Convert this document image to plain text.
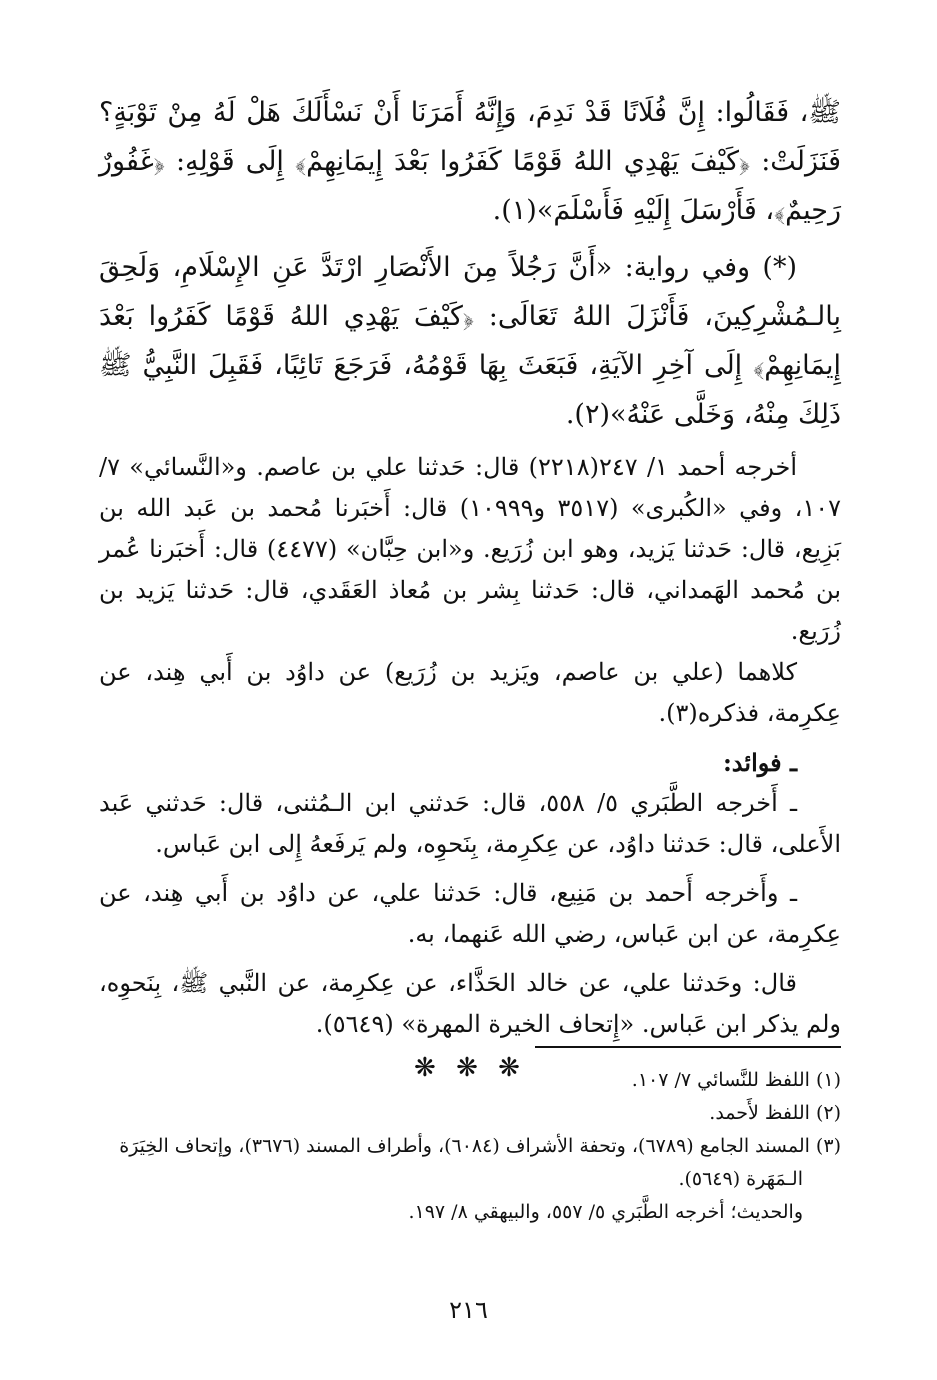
ﷺ، فَقَالُوا: إِنَّ فُلَانًا قَدْ نَدِمَ، وَإِنَّهُ أَمَرَنَا أَنْ نَسْأَلَكَ هَلْ لَهُ مِنْ تَوْبَةٍ؟ فَنَزَلَتْ: ﴿كَيْفَ يَهْدِي اللهُ قَوْمًا كَفَرُوا بَعْدَ إِيمَانِهِمْ﴾ إِلَى قَوْلِهِ: ﴿غَفُورٌ رَحِيمٌ﴾، فَأَرْسَلَ إِلَيْهِ فَأَسْلَمَ»(١).

(*) وفي رواية: «أَنَّ رَجُلاً مِنَ الأَنْصَارِ ارْتَدَّ عَنِ الإِسْلَامِ، وَلَحِقَ بِالـمُشْرِكِينَ، فَأَنْزَلَ اللهُ تَعَالَى: ﴿كَيْفَ يَهْدِي اللهُ قَوْمًا كَفَرُوا بَعْدَ إِيمَانِهِمْ﴾ إِلَى آخِرِ الآيَةِ، فَبَعَثَ بِهَا قَوْمُهُ، فَرَجَعَ تَائِبًا، فَقَبِلَ النَّبِيُّ ﷺ ذَلِكَ مِنْهُ، وَخَلَّى عَنْهُ»(٢).

أخرجه أحمد ١/ ٢٤٧(٢٢١٨) قال: حَدثنا علي بن عاصم. و«النَّسائي» ٧/ ١٠٧، وفي «الكُبرى» (٣٥١٧ و١٠٩٩٩) قال: أَخبَرنا مُحمد بن عَبد الله بن بَزِيع، قال: حَدثنا يَزيد، وهو ابن زُرَيع. و«ابن حِبَّان» (٤٤٧٧) قال: أَخبَرنا عُمر بن مُحمد الهَمداني، قال: حَدثنا بِشر بن مُعاذ العَقَدي، قال: حَدثنا يَزيد بن زُرَيع.

كلاهما (علي بن عاصم، ويَزيد بن زُرَيع) عن داوُد بن أَبي هِند، عن عِكرِمة، فذكره(٣).

ـ فوائد:

ـ أَخرجه الطَّبَري ٥/ ٥٥٨، قال: حَدثني ابن الـمُثنى، قال: حَدثني عَبد الأَعلى، قال: حَدثنا داوُد، عن عِكرِمة، بِنَحوِه، ولم يَرفَعهُ إِلى ابن عَباس.

ـ وأَخرجه أَحمد بن مَنِيع، قال: حَدثنا علي، عن داوُد بن أَبي هِند، عن عِكرِمة، عن ابن عَباس، رضي الله عَنهما، به.

قال: وحَدثنا علي، عن خالد الحَذَّاء، عن عِكرِمة، عن النَّبي ﷺ، بِنَحوِه، ولم يذكر ابن عَباس. «إِتحاف الخيرة المهرة» (٥٦٤٩).

❋ ❋ ❋	(١) اللفظ للنَّسائي ٧/ ١٠٧.

(٢) اللفظ لأَحمد.

(٣) المسند الجامع (٦٧٨٩)، وتحفة الأشراف (٦٠٨٤)، وأطراف المسند (٣٦٧٦)، وإتحاف الخِيَرَة الـمَهَرة (٥٦٤٩).

والحديث؛ أخرجه الطَّبَري ٥/ ٥٥٧، والبيهقي ٨/ ١٩٧.

٢١٦
